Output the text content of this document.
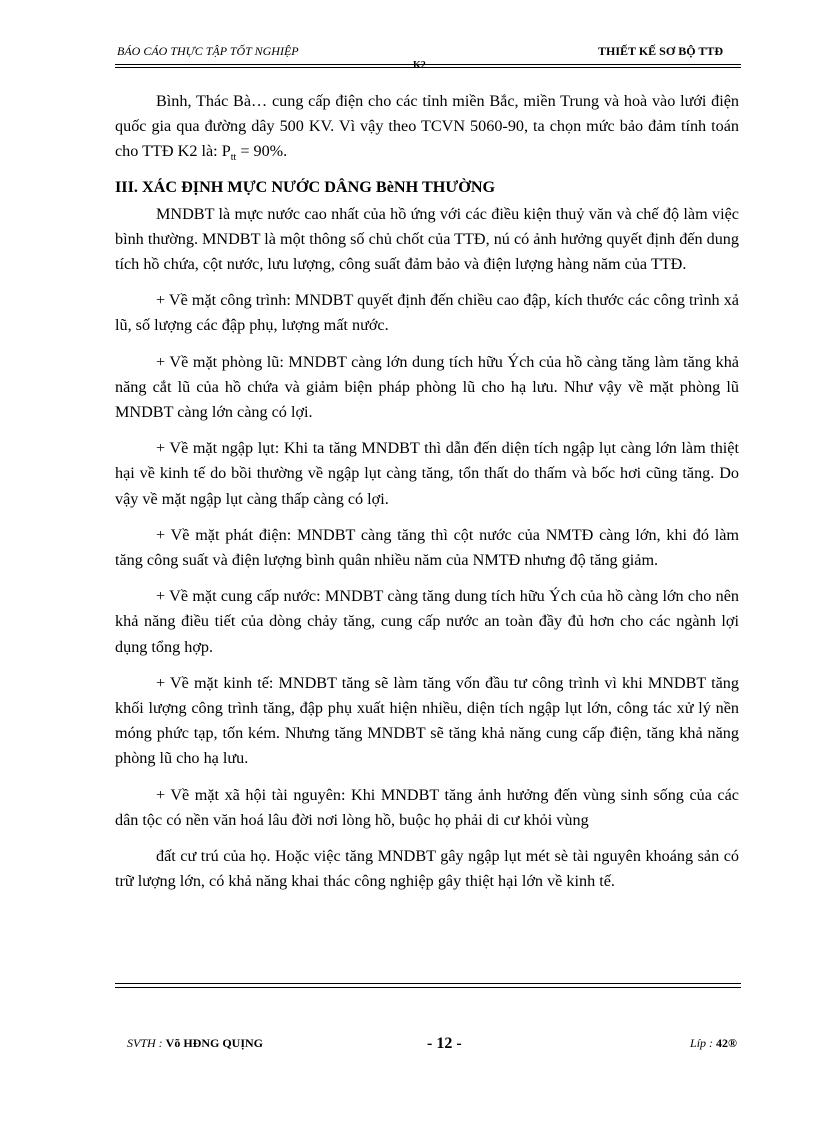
BÁO CÁO THỰC TẬP TỐT NGHIỆP	THIẾT KẾ SƠ BỘ TTĐ
K2

Bình, Thác Bà… cung cấp điện cho các tỉnh miền Bắc, miền Trung và hoà vào lưới điện quốc gia qua đường dây 500 KV. Vì vậy theo TCVN 5060-90, ta chọn mức bảo đảm tính toán cho TTĐ K2 là: $P_{tt} = 90\%$.

III. XÁC ĐỊNH MỰC NƯỚC DÂNG BèNH THƯỜNG

MNDBT là mực nước cao nhất của hồ ứng với các điều kiện thuỷ văn và chế độ làm việc bình thường. MNDBT là một thông số chủ chốt của TTĐ, nú có ảnh hưởng quyết định đến dung tích hồ chứa, cột nước, lưu lượng, công suất đảm bảo và điện lượng hàng năm của TTĐ.

+ Về mặt công trình: MNDBT quyết định đến chiều cao đập, kích thước các công trình xả lũ, số lượng các đập phụ, lượng mất nước.

+ Về mặt phòng lũ: MNDBT càng lớn dung tích hữu Ých của hồ càng tăng làm tăng khả năng cắt lũ của hồ chứa và giảm biện pháp phòng lũ cho hạ lưu. Như vậy về mặt phòng lũ MNDBT càng lớn càng có lợi.

+ Về mặt ngập lụt: Khi ta tăng MNDBT thì dẫn đến diện tích ngập lụt càng lớn làm thiệt hại về kinh tế do bồi thường về ngập lụt càng tăng, tổn thất do thấm và bốc hơi cũng tăng. Do vậy về mặt ngập lụt càng thấp càng có lợi.

+ Về mặt phát điện: MNDBT càng tăng thì cột nước của NMTĐ càng lớn, khi đó làm tăng công suất và điện lượng bình quân nhiều năm của NMTĐ nhưng độ tăng giảm.

+ Về mặt cung cấp nước: MNDBT càng tăng dung tích hữu Ých của hồ càng lớn cho nên khả năng điều tiết của dòng chảy tăng, cung cấp nước an toàn đầy đủ hơn cho các ngành lợi dụng tổng hợp.

+ Về mặt kinh tế: MNDBT tăng sẽ làm tăng vốn đầu tư công trình vì khi MNDBT tăng khối lượng công trình tăng, đập phụ xuất hiện nhiều, diện tích ngập lụt lớn, công tác xử lý nền móng phức tạp, tốn kém. Nhưng tăng MNDBT sẽ tăng khả năng cung cấp điện, tăng khả năng phòng lũ cho hạ lưu.

+ Về mặt xã hội tài nguyên: Khi MNDBT tăng ảnh hưởng đến vùng sinh sống của các dân tộc có nền văn hoá lâu đời nơi lòng hồ, buộc họ phải di cư khỏi vùng

đất cư trú của họ. Hoặc việc tăng MNDBT gây ngập lụt mét sè tài nguyên khoáng sản có trữ lượng lớn, có khả năng khai thác công nghiệp gây thiệt hại lớn về kinh tế.

SVTH : Võ HĐNG QUỊNG	- 12 -	Líp : 42®
